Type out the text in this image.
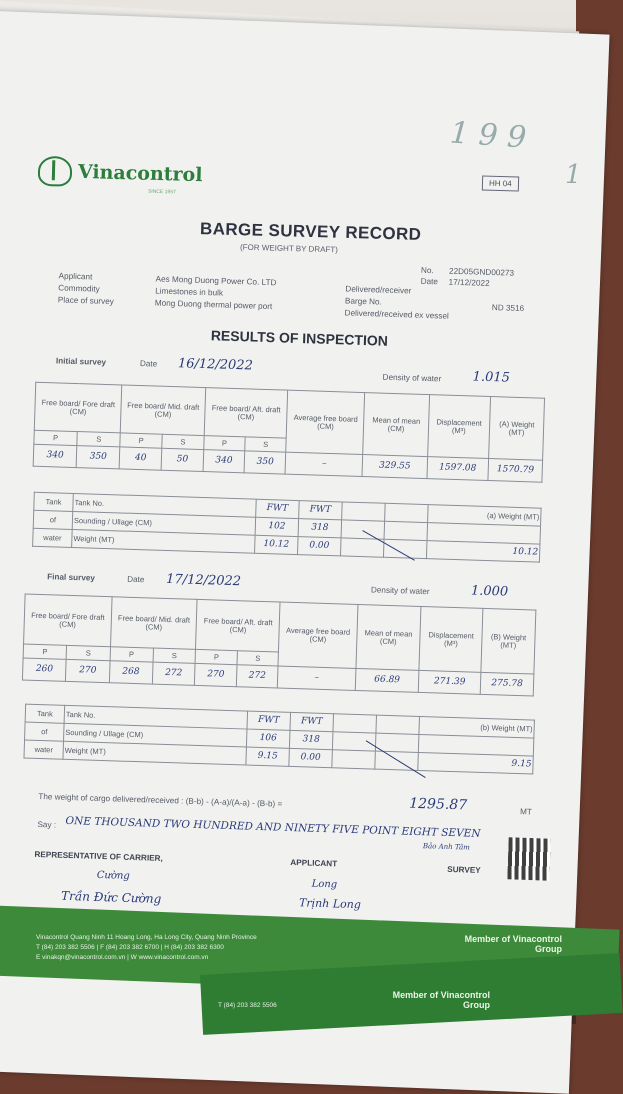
1 9 9
1
Vinacontrol
SINCE 1957
HH 04
BARGE SURVEY RECORD
(FOR WEIGHT BY DRAFT)
No. 22D05GND00273
Date 17/12/2022
Applicant	Aes Mong Duong Power Co. LTD
Delivered/receiver
Commodity	Limestones in bulk
Barge No.
ND 3516
Place of survey	Mong Duong thermal power port
Delivered/received ex vessel
RESULTS OF INSPECTION
Initial survey	Date 16/12/2022
Density of water 1.015
Free board/ Fore draft (CM)		Free board/ Mid. draft (CM)		Free board/ Aft. draft (CM)		Average free board (CM)	Mean of mean (CM)	Displacement (M³)	(A) Weight (MT)
P	S	P	S	P	S				
340	350	40	50	340	350	–	329.55	1597.08	1570.79
Tank	Tank No.	FWT	FWT			(a) Weight (MT)
of	Sounding / Ullage (CM)	102	318			
water	Weight (MT)	10.12	0.00			10.12
Final survey	Date 17/12/2022
Density of water	1.000
Free board/ Fore draft (CM)		Free board/ Mid. draft (CM)		Free board/ Aft. draft (CM)		Average free board (CM)	Mean of mean (CM)	Displacement (M³)	(B) Weight (MT)
P	S	P	S	P	S				
260	270	268	272	270	272	–	66.89	271.39	275.78
Tank	Tank No.	FWT	FWT			(b) Weight (MT)
of	Sounding / Ullage (CM)	106	318			
water	Weight (MT)	9.15	0.00			9.15
The weight of cargo delivered/received : (B-b) - (A-a)/(A-a) - (B-b) =	1295.87	MT
Say : ONE THOUSAND TWO HUNDRED AND NINETY FIVE POINT EIGHT SEVEN
Bảo Anh Tâm
REPRESENTATIVE OF CARRIER,
APPLICANT
SURVEY
Cường
Trần Đức Cường
Long
Trịnh Long
Vinacontrol Quang Ninh 11 Hoang Long, Ha Long City, Quang Ninh Province
T (84) 203 382 5506 | F (84) 203 382 6700 | H (84) 203 382 6300
E vinakqn@vinacontrol.com.vn | W www.vinacontrol.com.vn
Member of Vinacontrol Group
T (84) 203 382 5506
Member of Vinacontrol Group
